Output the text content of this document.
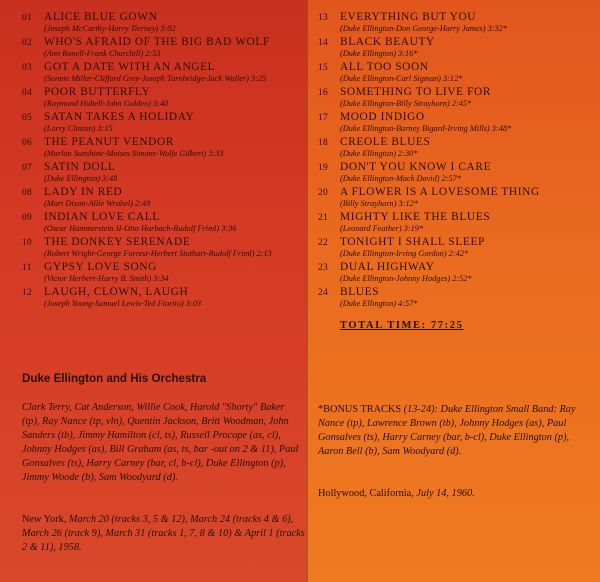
01	ALICE BLUE GOWN
(Joseph McCarthy-Harry Tierney) 3:02
02	WHO'S AFRAID OF THE BIG BAD WOLF
(Ann Ronell-Frank Churchill) 2:53
03	GOT A DATE WITH AN ANGEL
(Sonnie Miller-Clifford Grey-Joseph Turnbridge-Jack Waller) 3:25
04	POOR BUTTERFLY
(Raymond Hubell-John Golden) 3:40
05	SATAN TAKES A HOLIDAY
(Larry Clinton) 3:15
06	THE PEANUT VENDOR
(Marlon Sunshine-Moises Simons-Wolfe Gilbert) 3:33
07	SATIN DOLL
(Duke Ellington) 3:48
08	LADY IN RED
(Mort Dixon-Allie Wrubel) 2:49
09	INDIAN LOVE CALL
(Oscar Hammerstein II-Otto Harbach-Rudolf Friml) 3:36
10	THE DONKEY SERENADE
(Robert Wright-George Forrest-Herbert Stothart-Rudolf Friml) 2:13
11	GYPSY LOVE SONG
(Victor Herbert-Harry B. Smith) 3:34
12	LAUGH, CLOWN, LAUGH
(Joseph Young-Samuel Lewis-Ted Fiorito) 3:03
13	EVERYTHING BUT YOU
(Duke Ellington-Don George-Harry James) 3:32*
14	BLACK BEAUTY
(Duke Ellington) 3:16*
15	ALL TOO SOON
(Duke Ellington-Carl Sigman) 3:12*
16	SOMETHING TO LIVE FOR
(Duke Ellington-Billy Strayhorn) 2:45*
17	MOOD INDIGO
(Duke Ellington-Barney Bigard-Irving Mills) 3:48*
18	CREOLE BLUES
(Duke Ellington) 2:30*
19	DON'T YOU KNOW I CARE
(Duke Ellington-Mack David) 2:57*
20	A FLOWER IS A LOVESOME THING
(Billy Strayhorn) 3:12*
21	MIGHTY LIKE THE BLUES
(Leonard Feather) 3:19*
22	TONIGHT I SHALL SLEEP
(Duke Ellington-Irving Gordon) 2:42*
23	DUAL HIGHWAY
(Duke Ellington-Johnny Hodges) 2:52*
24	BLUES
(Duke Ellington) 4:57*
TOTAL TIME: 77:25
Duke Ellington and His Orchestra
Clark Terry, Cat Anderson, Willie Cook, Harold "Shorty" Baker (tp), Ray Nance (tp, vln), Quentin Jackson, Britt Woodman, John Sanders (tb), Jimmy Hamilton (cl, ts), Russell Procope (as, cl), Johnny Hodges (as), Bill Graham (as, ts, bar -out on 2 & 11), Paul Gonsalves (ts), Harry Carney (bar, cl, b-cl), Duke Ellington (p), Jimmy Woode (b), Sam Woodyard (d).
New York, March 20 (tracks 3, 5 & 12), March 24 (tracks 4 & 6), March 26 (track 9), March 31 (tracks 1, 7, 8 & 10) & April 1 (tracks 2 & 11), 1958.
*BONUS TRACKS (13-24): Duke Ellington Small Band: Ray Nance (tp), Lawrence Brown (tb), Johnny Hodges (as), Paul Gonsalves (ts), Harry Carney (bar, b-cl), Duke Ellington (p), Aaron Bell (b), Sam Woodyard (d).
Hollywood, California, July 14, 1960.
